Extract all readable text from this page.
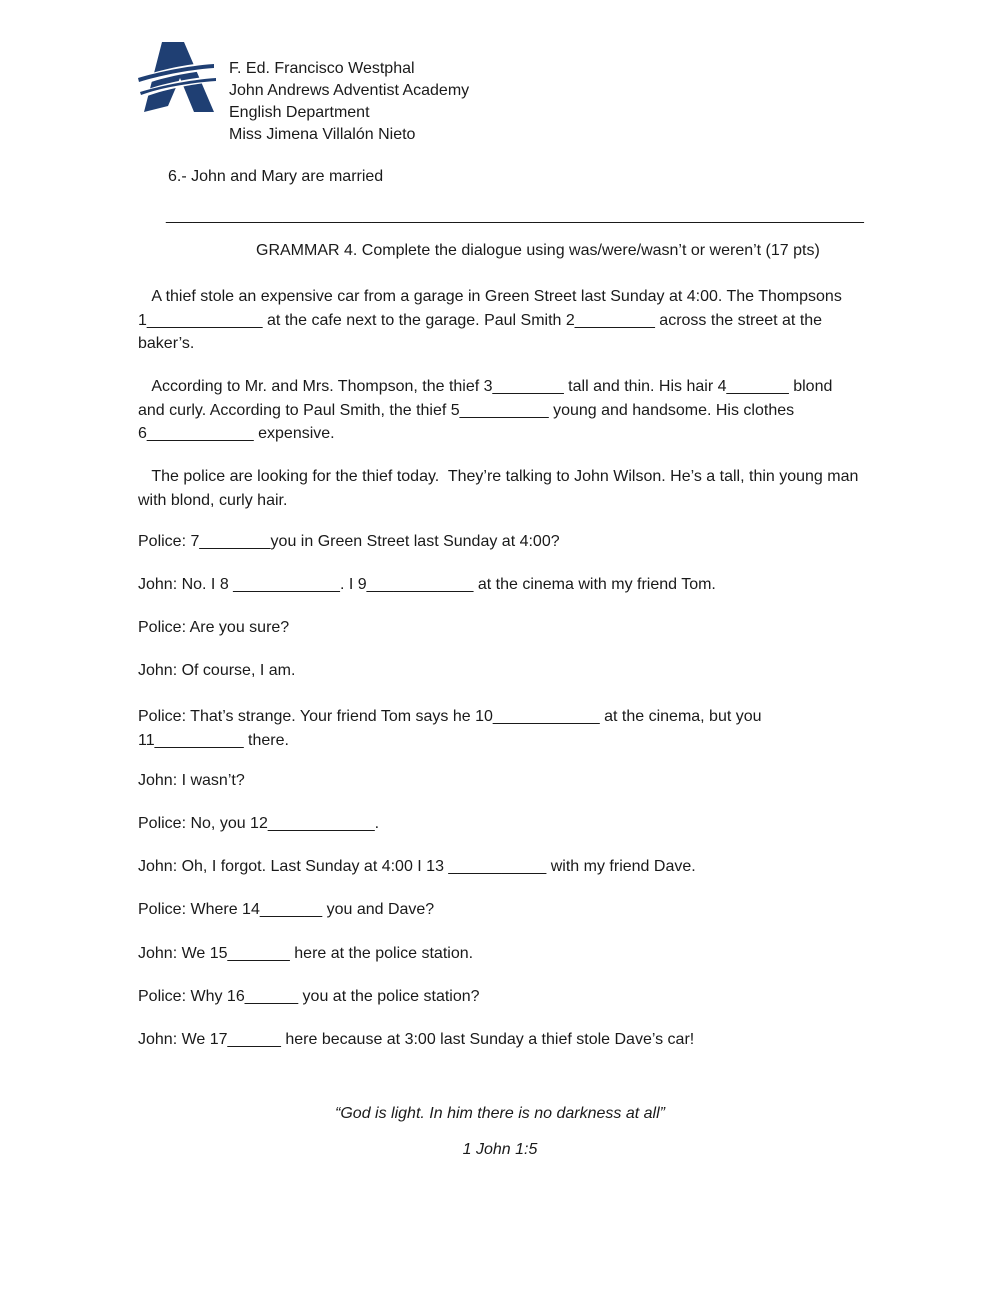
F. Ed. Francisco Westphal
John Andrews Adventist Academy
English Department
Miss Jimena Villalón Nieto
6.- John and Mary are married
______________________________________________________________________________
GRAMMAR 4. Complete the dialogue using was/were/wasn’t or weren’t (17 pts)

A thief stole an expensive car from a garage in Green Street last Sunday at 4:00. The Thompsons 1_____________ at the cafe next to the garage. Paul Smith 2_________ across the street at the baker’s.

According to Mr. and Mrs. Thompson, the thief 3________ tall and thin. His hair 4_______ blond and curly. According to Paul Smith, the thief 5__________ young and handsome. His clothes 6____________ expensive.

The police are looking for the thief today.  They’re talking to John Wilson. He’s a tall, thin young man with blond, curly hair.

Police: 7________you in Green Street last Sunday at 4:00?
John: No. I 8 ____________. I 9____________ at the cinema with my friend Tom.
Police: Are you sure?
John: Of course, I am.
Police: That’s strange. Your friend Tom says he 10____________ at the cinema, but you 11__________ there.
John: I wasn’t?
Police: No, you 12____________.
John: Oh, I forgot. Last Sunday at 4:00 I 13 ___________ with my friend Dave.
Police: Where 14_______ you and Dave?
John: We 15_______ here at the police station.
Police: Why 16______ you at the police station?
John: We 17______ here because at 3:00 last Sunday a thief stole Dave’s car!
“God is light. In him there is no darkness at all”
1 John 1:5
